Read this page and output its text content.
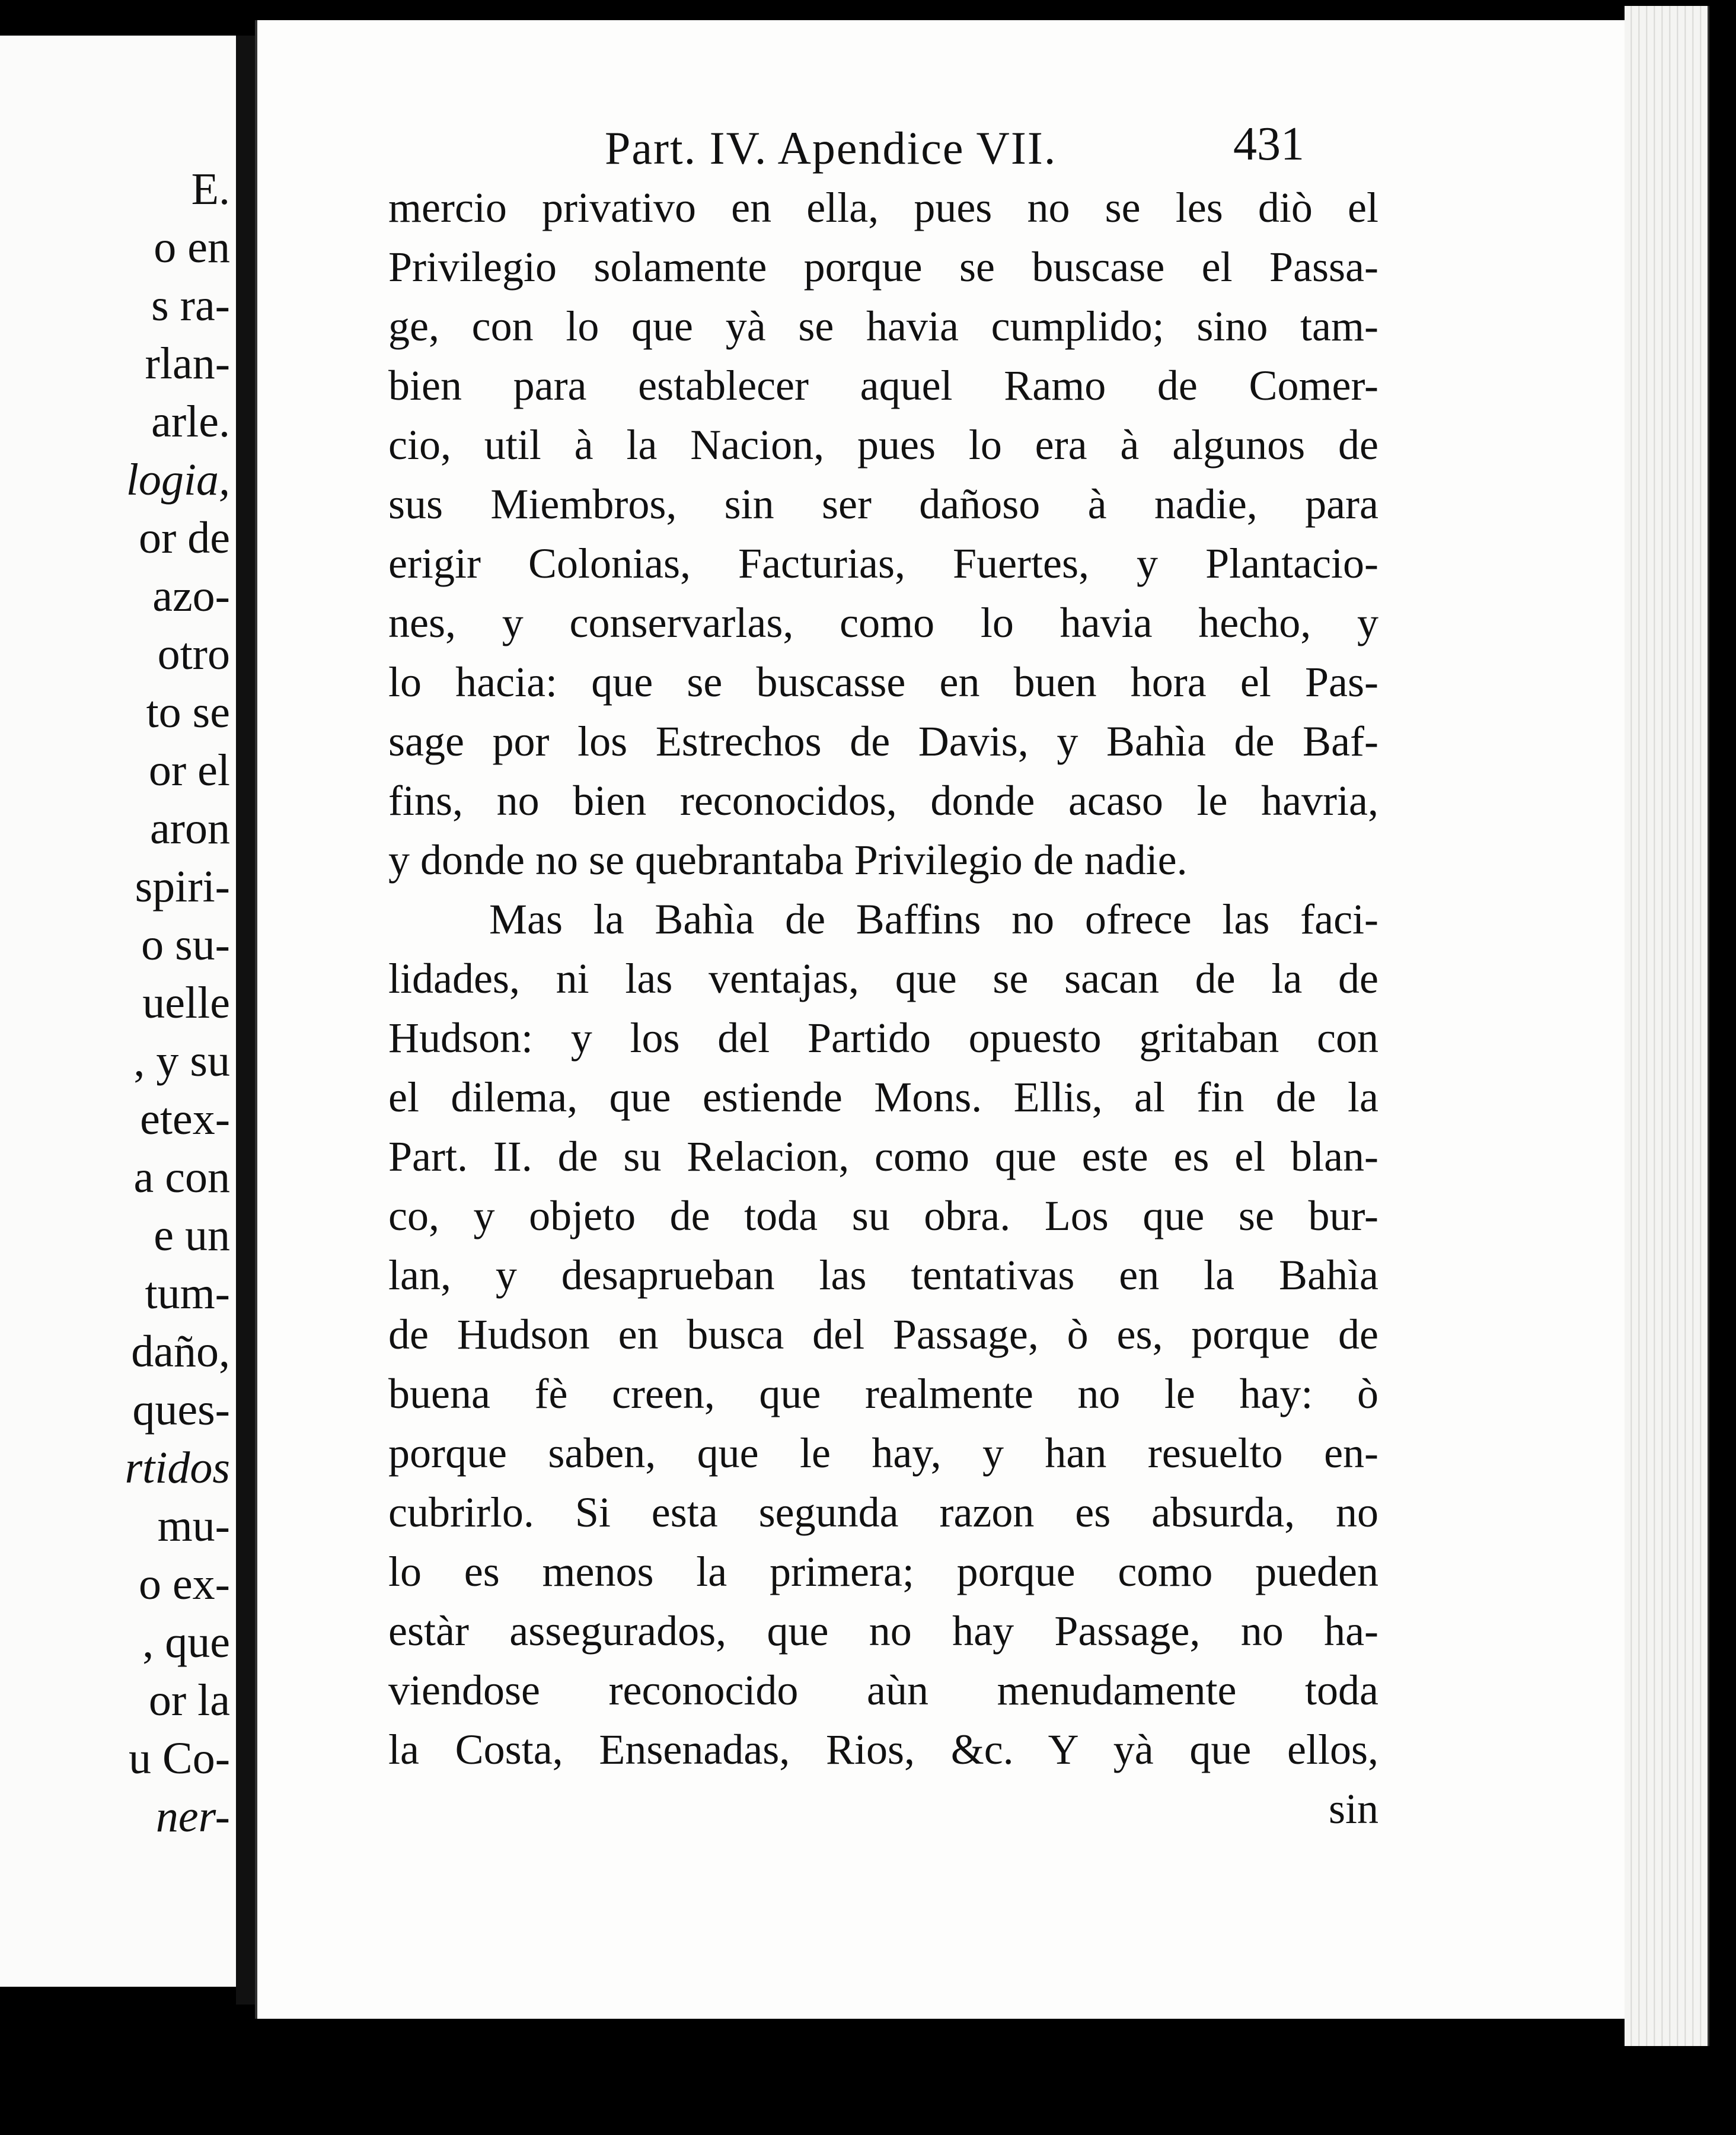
E.
o en
s ra-
rlan-
arle.
logia,
or de
azo-
otro
to se
or el
aron
spiri-
o su-
uelle
, y su
etex-
a con
e un
tum-
daño,
ques-
rtidos
mu-
o ex-
, que
or la
u Co-
ner-
Part. IV. Apendice VII.	431
mercio privativo en ella, pues no se les diò el
Privilegio solamente porque se buscase el Passa-
ge, con lo que yà se havia cumplido; sino tam-
bien para establecer aquel Ramo de Comer-
cio, util à la Nacion, pues lo era à algunos de
sus Miembros, sin ser dañoso à nadie, para
erigir Colonias, Facturias, Fuertes, y Plantacio-
nes, y conservarlas, como lo havia hecho, y
lo hacia: que se buscasse en buen hora el Pas-
sage por los Estrechos de Davis, y Bahìa de Baf-
fins, no bien reconocidos, donde acaso le havria,
y donde no se quebrantaba Privilegio de nadie.
Mas la Bahìa de Baffins no ofrece las faci-
lidades, ni las ventajas, que se sacan de la de
Hudson: y los del Partido opuesto gritaban con
el dilema, que estiende Mons. Ellis, al fin de la
Part. II. de su Relacion, como que este es el blan-
co, y objeto de toda su obra. Los que se bur-
lan, y desaprueban las tentativas en la Bahìa
de Hudson en busca del Passage, ò es, porque de
buena fè creen, que realmente no le hay: ò
porque saben, que le hay, y han resuelto en-
cubrirlo. Si esta segunda razon es absurda, no
lo es menos la primera; porque como pueden
estàr assegurados, que no hay Passage, no ha-
viendose reconocido aùn menudamente toda
la Costa, Ensenadas, Rios, &c. Y yà que ellos,
sin
